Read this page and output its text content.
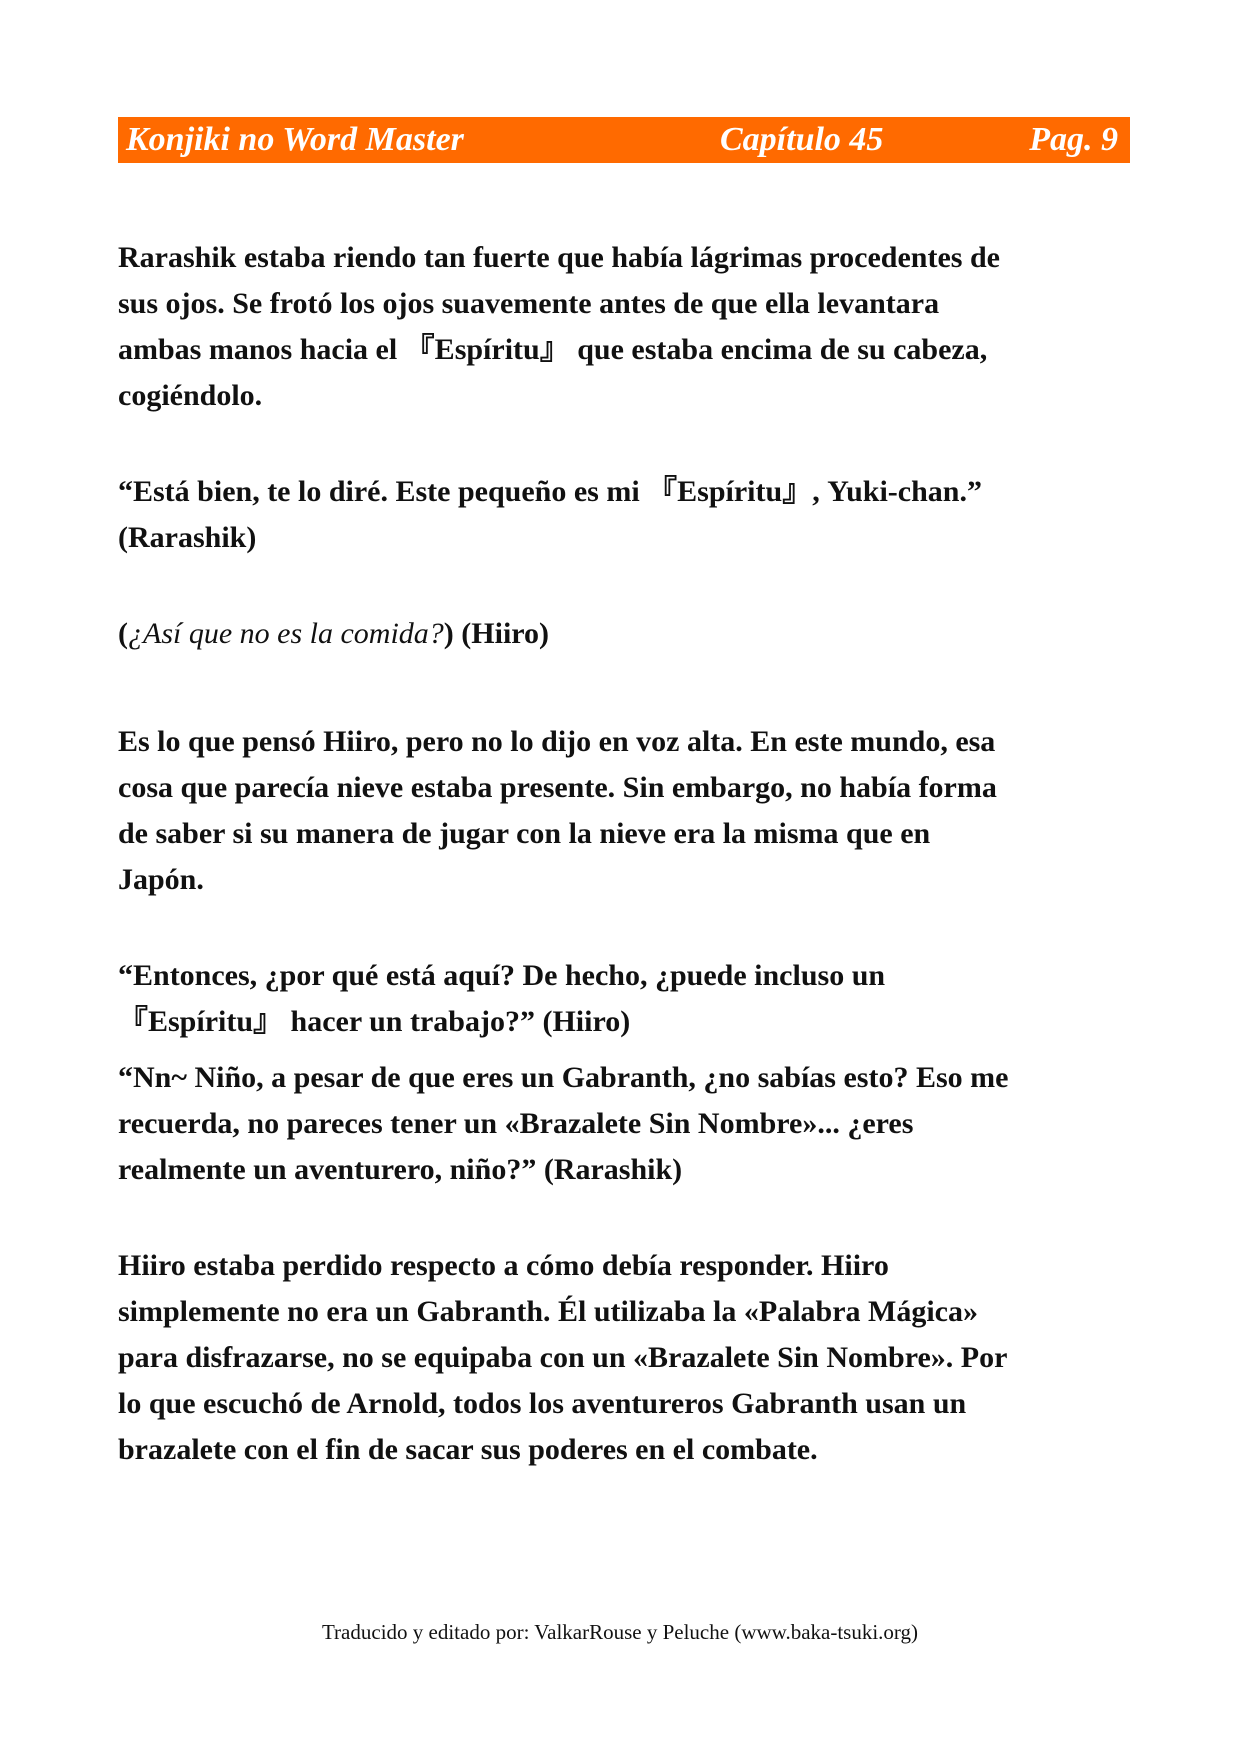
Konjiki no Word Master	Capítulo 45	Pag. 9

Rarashik estaba riendo tan fuerte que había lágrimas procedentes de
sus ojos. Se frotó los ojos suavemente antes de que ella levantara
ambas manos hacia el 『Espíritu』 que estaba encima de su cabeza,
cogiéndolo.

“Está bien, te lo diré. Este pequeño es mi 『Espíritu』, Yuki-chan.”
(Rarashik)

(¿Así que no es la comida?) (Hiiro)

Es lo que pensó Hiiro, pero no lo dijo en voz alta. En este mundo, esa
cosa que parecía nieve estaba presente. Sin embargo, no había forma
de saber si su manera de jugar con la nieve era la misma que en
Japón.

“Entonces, ¿por qué está aquí? De hecho, ¿puede incluso un
『Espíritu』 hacer un trabajo?” (Hiiro)

“Nn~ Niño, a pesar de que eres un Gabranth, ¿no sabías esto? Eso me
recuerda, no pareces tener un «Brazalete Sin Nombre»... ¿eres
realmente un aventurero, niño?” (Rarashik)

Hiiro estaba perdido respecto a cómo debía responder. Hiiro
simplemente no era un Gabranth. Él utilizaba la «Palabra Mágica»
para disfrazarse, no se equipaba con un «Brazalete Sin Nombre». Por
lo que escuchó de Arnold, todos los aventureros Gabranth usan un
brazalete con el fin de sacar sus poderes en el combate.

Traducido y editado por: ValkarRouse y Peluche (www.baka-tsuki.org)
